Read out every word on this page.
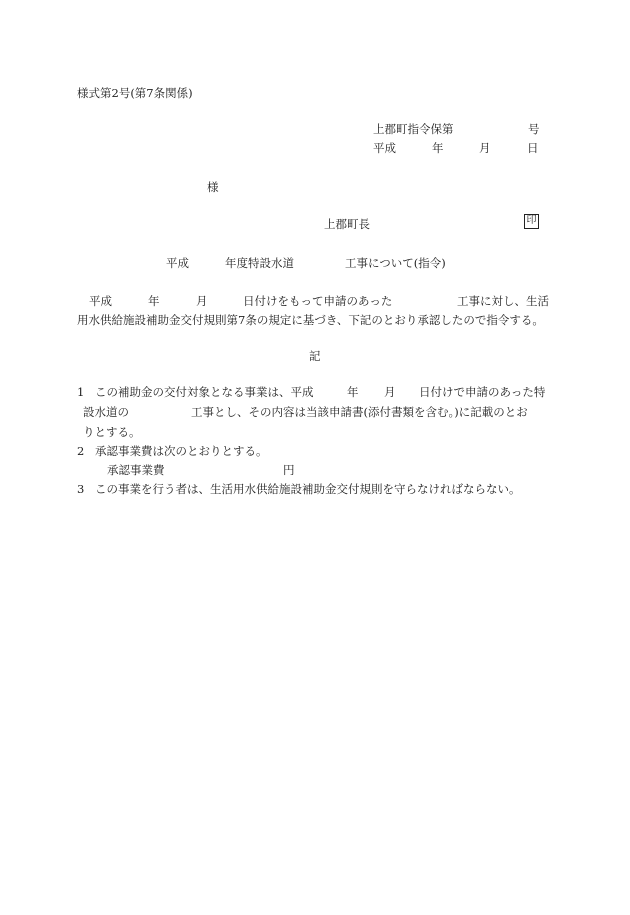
様式第2号(第7条関係)
上郡町指令保第	号
平成	年	月	日
様
上郡町長	印
平成	年度特設水道	工事について(指令)
平成	年	月	日付けをもって申請のあった	工事に対し、生活
用水供給施設補助金交付規則第7条の規定に基づき、下記のとおり承認したので指令する。
記
1 この補助金の交付対象となる事業は、平成	年 月 日付けで申請のあった特
設水道の	工事とし、その内容は当該申請書(添付書類を含む。)に記載のとお
りとする。
2 承認事業費は次のとおりとする。
承認事業費	円
3 この事業を行う者は、生活用水供給施設補助金交付規則を守らなければならない。
